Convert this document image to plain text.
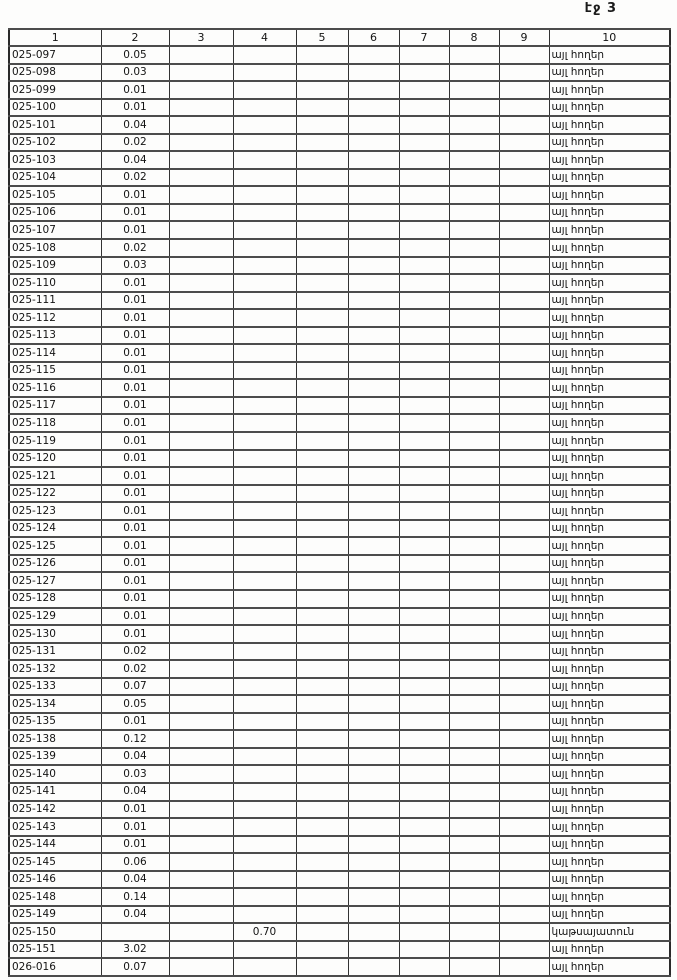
էջ 3
1	2	3	4	5	6	7	8	9	10
025-097	0.05								այլ հողեր
025-098	0.03								այլ հողեր
025-099	0.01								այլ հողեր
025-100	0.01								այլ հողեր
025-101	0.04								այլ հողեր
025-102	0.02								այլ հողեր
025-103	0.04								այլ հողեր
025-104	0.02								այլ հողեր
025-105	0.01								այլ հողեր
025-106	0.01								այլ հողեր
025-107	0.01								այլ հողեր
025-108	0.02								այլ հողեր
025-109	0.03								այլ հողեր
025-110	0.01								այլ հողեր
025-111	0.01								այլ հողեր
025-112	0.01								այլ հողեր
025-113	0.01								այլ հողեր
025-114	0.01								այլ հողեր
025-115	0.01								այլ հողեր
025-116	0.01								այլ հողեր
025-117	0.01								այլ հողեր
025-118	0.01								այլ հողեր
025-119	0.01								այլ հողեր
025-120	0.01								այլ հողեր
025-121	0.01								այլ հողեր
025-122	0.01								այլ հողեր
025-123	0.01								այլ հողեր
025-124	0.01								այլ հողեր
025-125	0.01								այլ հողեր
025-126	0.01								այլ հողեր
025-127	0.01								այլ հողեր
025-128	0.01								այլ հողեր
025-129	0.01								այլ հողեր
025-130	0.01								այլ հողեր
025-131	0.02								այլ հողեր
025-132	0.02								այլ հողեր
025-133	0.07								այլ հողեր
025-134	0.05								այլ հողեր
025-135	0.01								այլ հողեր
025-138	0.12								այլ հողեր
025-139	0.04								այլ հողեր
025-140	0.03								այլ հողեր
025-141	0.04								այլ հողեր
025-142	0.01								այլ հողեր
025-143	0.01								այլ հողեր
025-144	0.01								այլ հողեր
025-145	0.06								այլ հողեր
025-146	0.04								այլ հողեր
025-148	0.14								այլ հողեր
025-149	0.04								այլ հողեր
025-150			0.70						կաթսայատուն
025-151	3.02								այլ հողեր
026-016	0.07								այլ հողեր
